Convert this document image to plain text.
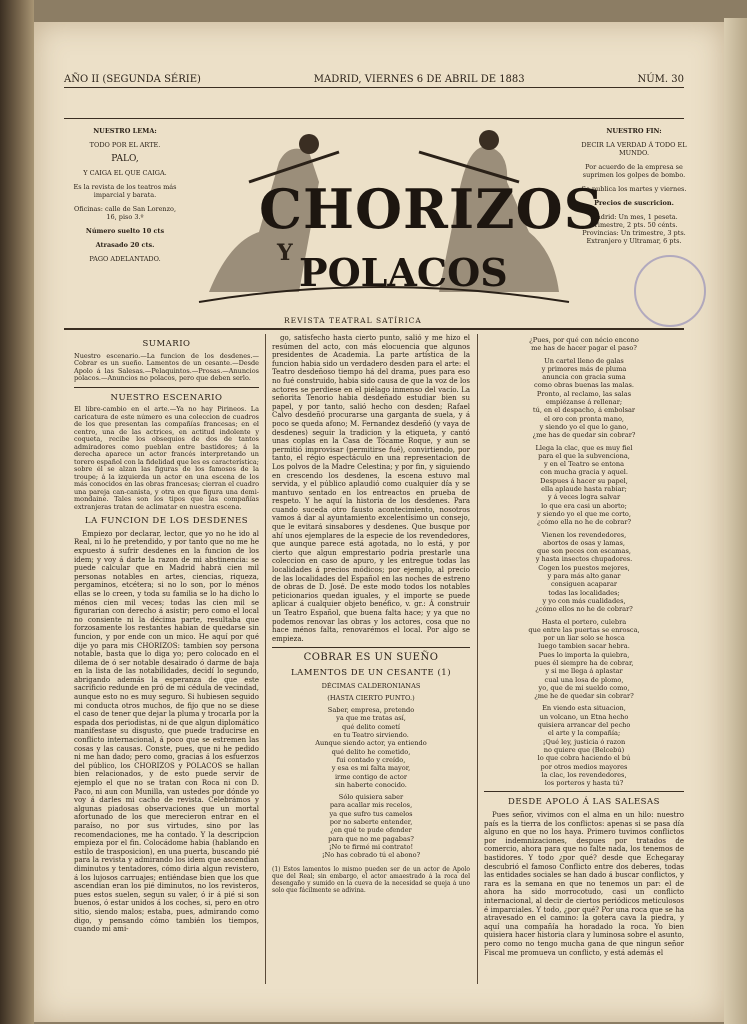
AÑO II (SEGUNDA SÉRIE)	MADRID, VIERNES 6 DE ABRIL DE 1883	NÚM. 30

NUESTRO LEMA:

TODO POR EL ARTE.

PALO,

Y CAIGA EL QUE CAIGA.

Es la revista de los teatros más imparcial y barata.

Oficinas: calle de San Lorenzo, 16, piso 3.º

Número suelto 10 cts

Atrasado 20 cts.

PAGO ADELANTADO.

NUESTRO FIN:

DECIR LA VERDAD Á TODO EL MUNDO.

Por acuerdo de la empresa se suprimen los golpes de bombo.

Se publica los martes y viernes.

Precios de suscricion.

Madrid: Un mes, 1 peseta. Trimestre, 2 pts. 50 cénts. Provincias: Un trimestre, 3 pts. Extranjero y Ultramar, 6 pts.

CHORIZOS
Y POLACOS
REVISTA TEATRAL SATÍRICA
SUMARIO
Nuestro escenario.—La funcion de los desdenes.—Cobrar es un sueño. Lamentos de un cesante.—Desde Apolo á las Salesas.—Pelaquintos.—Prosas.—Anuncios polacos.—Anuncios no polacos, pero que deben serlo.
NUESTRO ESCENARIO
El libre-cambio en el arte.—Ya no hay Pirineos. La caricatura de este número es una coleccion de cuadros de los que presentan las compañías francesas; en el centro, una de las actrices, en actitud indolente y coqueta, recibe los obsequios de dos de tantos admiradores como pueblan entre bastidores; á la derecha aparece un actor francés interpretando un torero español con la fidelidad que les es característica; sobre él se alzan las figuras de los famosos de la troupe; á la izquierda un actor en una escena de los más conocidos en las obras francesas; cierran el cuadro una pareja can-canista, y otra en que figura una demi-mondaine. Tales son los tipos que las compañías extranjeras tratan de aclimatar en nuestra escena.
LA FUNCION DE LOS DESDENES

Empiezo por declarar, lector, que yo no he ido al Real, ni lo he pretendido, y por tanto que no me he expuesto á sufrir desdenes en la funcion de los idem; y voy á darte la razon de mi abstinencia: se puede calcular que en Madrid habrá cien mil personas notables en artes, ciencias, riqueza, pergaminos, etcétera; si no lo son, por lo ménos ellas se lo creen, y toda su familia se lo ha dicho lo ménos cien mil veces; todas las cien mil se figurarian con derecho á asistir; pero como el local no consiente ni la décima parte, resultaba que forzosamente los restantes habian de quedarse sin funcion, y por ende con un mico. He aquí por qué dije yo para mis CHORIZOS: tambien soy persona notable, basta que lo diga yo; pero colocado en el dilema de ó ser notable desairado ó darme de baja en la lista de las notabilidades, decidí lo segundo, abrigando además la esperanza de que este sacrificio redunde en pró de mi cédula de vecindad, aunque esto no es muy seguro. Si hubiesen seguido mi conducta otros muchos, de fijo que no se diese el caso de tener que dejar la pluma y trocarla por la espada dos periodistas, ni de que algun diplomático manifestase su disgusto, que puede traducirse en conflicto internacional, á poco que se estremen las cosas y las causas. Conste, pues, que ni he pedido ni me han dado; pero como, gracias á los esfuerzos del público, los CHORIZOS y POLACOS se hallan bien relacionados, y de esto puede servir de ejemplo el que no se tratan con Roca ni con D. Paco, ni aun con Munilla, van ustedes por dónde yo voy á darles mi cacho de revista. Celebrámos y algunas piadosas observaciones que un mortal afortunado de los que merecieron entrar en el paraíso, no por sus virtudes, sino por las recomendaciones, me ha contado. Y la descripcion empieza por el fin. Colocádome habia (hablando en estilo de trasposicion), en una puerta, buscando pié para la revista y admirando los idem que ascendian diminutos y tentadores, cómo diria algun revistero, á los lujosos carruajes; entiéndase bien que los que ascendian eran los pié diminutos, no los revisteros, pues estos suelen, segun su valer, ó ir á pié si son buenos, ó estar unidos á los coches, si, pero en otro sitio, siendo malos; estaba, pues, admirando como digo, y pensando cómo también los tiempos, cuando mi ami-

go, satisfecho hasta cierto punto, salió y me hizo el resúmen del acto, con más elocuencia que algunos presidentes de Academia. La parte artística de la funcion habia sido un verdadero desden para el arte: el Teatro desdeñoso tiempo há del drama, pues para eso no fué construido, habia sido causa de que la voz de los actores se perdiese en el piélago inmenso del vacío. La señorita Tenorio habia desdeñado estudiar bien su papel, y por tanto, salió hecho con desden; Rafael Calvo desdeñó procurarse una garganta de suela, y á poco se queda afono; M. Fernandez desdeñó (y vaya de desdenes) seguir la tradicion y la etiqueta, y cantó unas coplas en la Casa de Tócame Roque, y aun se permitió improvisar (permitirse fué), convirtiendo, por tanto, el régio espectáculo en una representacion de Los polvos de la Madre Celestina; y por fin, y siguiendo en crescendo los desdenes, la escena estuvo mal servida, y el público aplaudió como cualquier día y se mantuvo sentado en los entreactos en prueba de respeto. Y he aquí la historia de los desdenes. Para cuando suceda otro fausto acontecimiento, nosotros vamos á dar al ayuntamiento excelentísimo un consejo, que le evitará sinsabores y desdenes. Que busque por ahí unos ejemplares de la especie de los revendedores, que aunque parece está agotada, no lo está, y por cierto que algun emprestario podria prestarle una coleccion en caso de apuro, y les entregue todas las localidades á precios módicos; por ejemplo, al precio de las localidades del Español en las noches de estreno de obras de D. José. De este modo todos los notables peticionarios quedan iguales, y el importe se puede aplicar á cualquier objeto benéfico, v. gr.: Á construir un Teatro Español, que buena falta hace; y ya que no podemos renovar las obras y los actores, cosa que no hace ménos falta, renovarémos el local. Por algo se empieza.

COBRAR ES UN SUEÑO
LAMENTOS DE UN CESANTE (1)
DÉCIMAS CALDERONIANAS
(HASTA CIERTO PUNTO.)
Saber, empresa, pretendo
ya que me tratas así,
qué delito cometí
en tu Teatro sirviendo.
Aunque siendo actor, ya entiendo
qué delito he cometido,
fui contado y creído,
y esa es mi falta mayor,
irme contigo de actor
sin haberte conocido.
Sólo quisiera saber
para acallar mis recelos,
ya que sufro tus camelos
por no saberte entender,
¿en qué te pude ofender
para que no me pagabas?
¡No te firmé mi contrato!
¡No has cobrado tú el abono?
(1) Estos lamentos lo mismo pueden ser de un actor de Apolo que del Real; sin embargo, el actor amaestrado á la roca del desengaño y sumido en la cueva de la necesidad se queja á uno solo que fácilmente se adivina.
¿Pues, por qué con nécio encono
me has de hacer pagar el paso?
Un cartel lleno de galas
y primores más de pluma
anuncia con gracia suma
como obras buenas las malas.
Pronto, al reclamo, las salas
empiézanse á rellenar;
tú, en el despacho, á embolsar
el oro con pronta mano,
y siendo yo el que lo gano,
¿me has de quedar sin cobrar?
Llega la clac, que es muy fiel
para el que la subvenciona,
y en el Teatro se entona
con mucha gracia y aquel.
Despues á hacer su papel,
ella aplaude hasta rabiar;
y á veces logra salvar
lo que era casi un aborto;
y siendo yo el que me corto,
¿cómo ella no he de cobrar?
Vienen los revendedores,
abortos de osas y lamas,
que son peces con escamas,
y hasta insectos chupadores.
Cogen los puestos mejores,
y para más alto ganar
consiguen acaparar
todas las localidades;
y yo con más cualidades,
¿cómo ellos no he de cobrar?
Hasta el portero, culebra
que entre las puertas se enrosca,
por un liar solo se hosca
luego tambien sacar hebra.
Pues lo importa la quiebra,
pues él siempre ha de cobrar,
y si me llega á aplastar
cual una losa de plomo,
yo, que de mi sueldo como,
¿me he de quedar sin cobrar?
En viendo esta situacion,
un volcano, un Etna hecho
quisiera arrancar del pecho
el arte y la compañía;
¡Qué ley, justicia ó razon
no quiere que (Belcebú)
lo que cobra haciendo el bú
por otros medios mayores
la clac, los revendedores,
los porteros y hasta tú?
DESDE APOLO Á LAS SALESAS

Pues señor, vivimos con el alma en un hilo: nuestro país es la tierra de los conflictos: apenas si se pasa día alguno en que no los haya. Primero tuvimos conflictos por indemnizaciones, despues por tratados de comercio, ahora para que no falte nada, los tenemos de bastidores. Y todo ¿por qué? desde que Echegaray descubrió el famoso Conflicto entre dos deberes, todas las entidades sociales se han dado á buscar conflictos, y rara es la semana en que no tenemos un par: el de ahora ha sido morrocotudo, casi un conflicto internacional, al decir de ciertos periódicos meticulosos é imparciales. Y todo, ¿por qué? Por una roca que se ha atravesado en el camino: la gotera cava la piedra, y aquí una compañía ha horadado la roca. Yo bien quisiera hacer historia clara y luminosa sobre el asunto, pero como no tengo mucha gana de que ningun señor Fiscal me promueva un conflicto, y está además el
